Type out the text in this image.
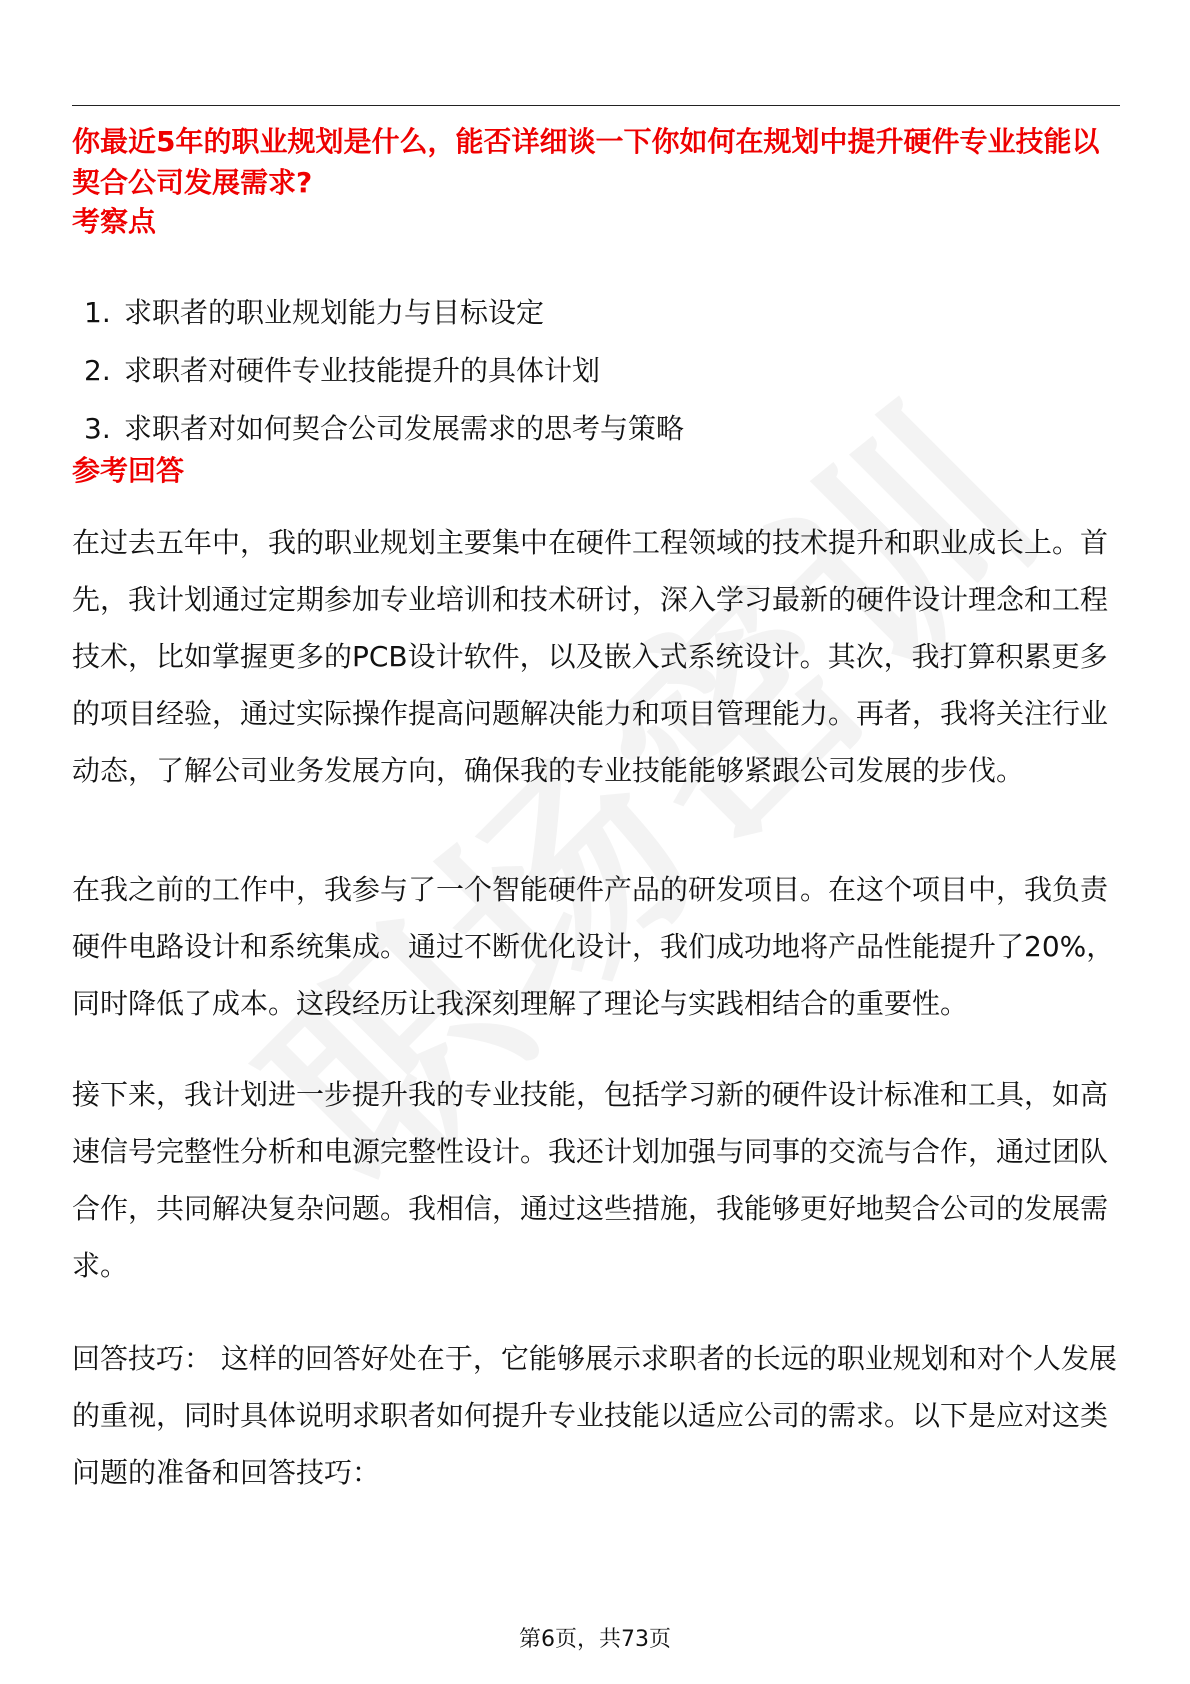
你最近5年的职业规划是什么，能否详细谈一下你如何在规划中提升硬件专业技能以契合公司发展需求?

考察点
1. 求职者的职业规划能力与目标设定
2. 求职者对硬件专业技能提升的具体计划
3. 求职者对如何契合公司发展需求的思考与策略
参考回答

在过去五年中，我的职业规划主要集中在硬件工程领域的技术提升和职业成长上。首先，我计划通过定期参加专业培训和技术研讨，深入学习最新的硬件设计理念和工程技术，比如掌握更多的PCB设计软件，以及嵌入式系统设计。其次，我打算积累更多的项目经验，通过实际操作提高问题解决能力和项目管理能力。再者，我将关注行业动态，了解公司业务发展方向，确保我的专业技能能够紧跟公司发展的步伐。

在我之前的工作中，我参与了一个智能硬件产品的研发项目。在这个项目中，我负责硬件电路设计和系统集成。通过不断优化设计，我们成功地将产品性能提升了20%，同时降低了成本。这段经历让我深刻理解了理论与实践相结合的重要性。

接下来，我计划进一步提升我的专业技能，包括学习新的硬件设计标准和工具，如高速信号完整性分析和电源完整性设计。我还计划加强与同事的交流与合作，通过团队合作，共同解决复杂问题。我相信，通过这些措施，我能够更好地契合公司的发展需求。

回答技巧： 这样的回答好处在于，它能够展示求职者的长远的职业规划和对个人发展的重视，同时具体说明求职者如何提升专业技能以适应公司的需求。以下是应对这类问题的准备和回答技巧：

第6页，共73页
